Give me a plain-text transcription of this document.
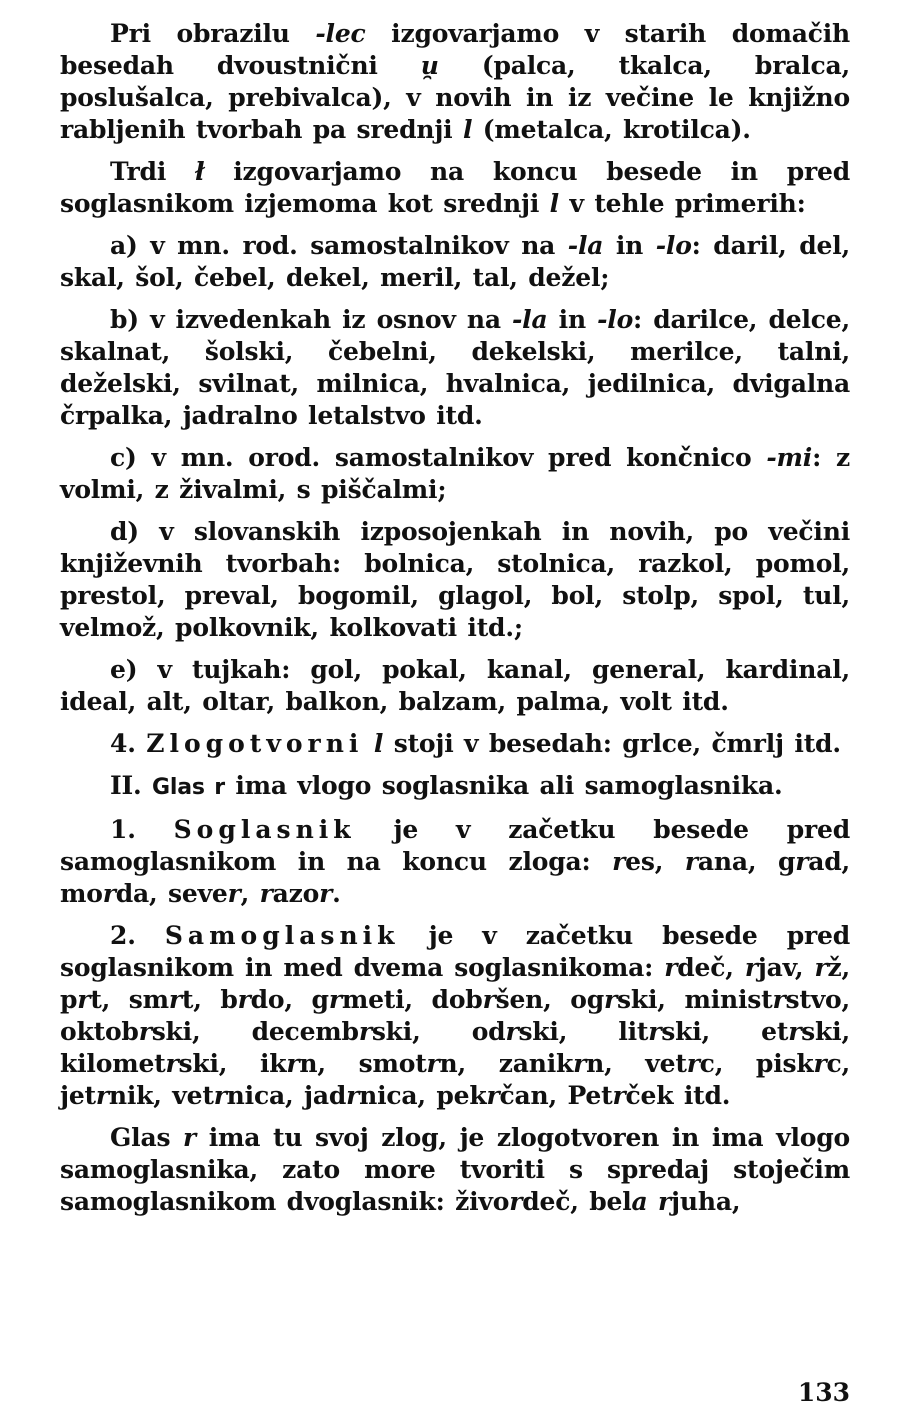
Pri obrazilu -lec izgovarjamo v starih domačih besedah dvoustnični u̯ (palca, tkalca, bralca, poslušalca, prebivalca), v novih in iz večine le knjižno rabljenih tvorbah pa srednji l (metalca, krotilca).

Trdi ł izgovarjamo na koncu besede in pred soglasnikom izjemoma kot srednji l v tehle primerih:

a) v mn. rod. samostalnikov na -la in -lo: daril, del, skal, šol, čebel, dekel, meril, tal, dežel;

b) v izvedenkah iz osnov na -la in -lo: darilce, delce, skalnat, šolski, čebelni, dekelski, merilce, talni, deželski, svilnat, milnica, hvalnica, jedilnica, dvigalna črpalka, jadralno letalstvo itd.

c) v mn. orod. samostalnikov pred končnico -mi: z volmi, z živalmi, s piščalmi;

d) v slovanskih izposojenkah in novih, po večini književnih tvorbah: bolnica, stolnica, razkol, pomol, prestol, preval, bogomil, glagol, bol, stolp, spol, tul, velmož, polkovnik, kolkovati itd.;

e) v tujkah: gol, pokal, kanal, general, kardinal, ideal, alt, oltar, balkon, balzam, palma, volt itd.

4. Zlogotvorni l stoji v besedah: grlce, čmrlj itd.

II. Glas r ima vlogo soglasnika ali samoglasnika.

1. Soglasnik je v začetku besede pred samoglasnikom in na koncu zloga: res, rana, grad, morda, sever, razor.

2. Samoglasnik je v začetku besede pred soglasnikom in med dvema soglasnikoma: rdeč, rjav, rž, prt, smrt, brdo, grmeti, dobršen, ogrski, ministrstvo, oktobrski, decembrski, odrski, litrski, etrski, kilometrski, ikrn, smotrn, zanikrn, vetrc, piskrc, jetrnik, vetrnica, jadrnica, pekrčan, Petrček itd.

Glas r ima tu svoj zlog, je zlogotvoren in ima vlogo samoglasnika, zato more tvoriti s spredaj stoječim samoglasnikom dvoglasnik: živordeč, bela rjuha,

133
